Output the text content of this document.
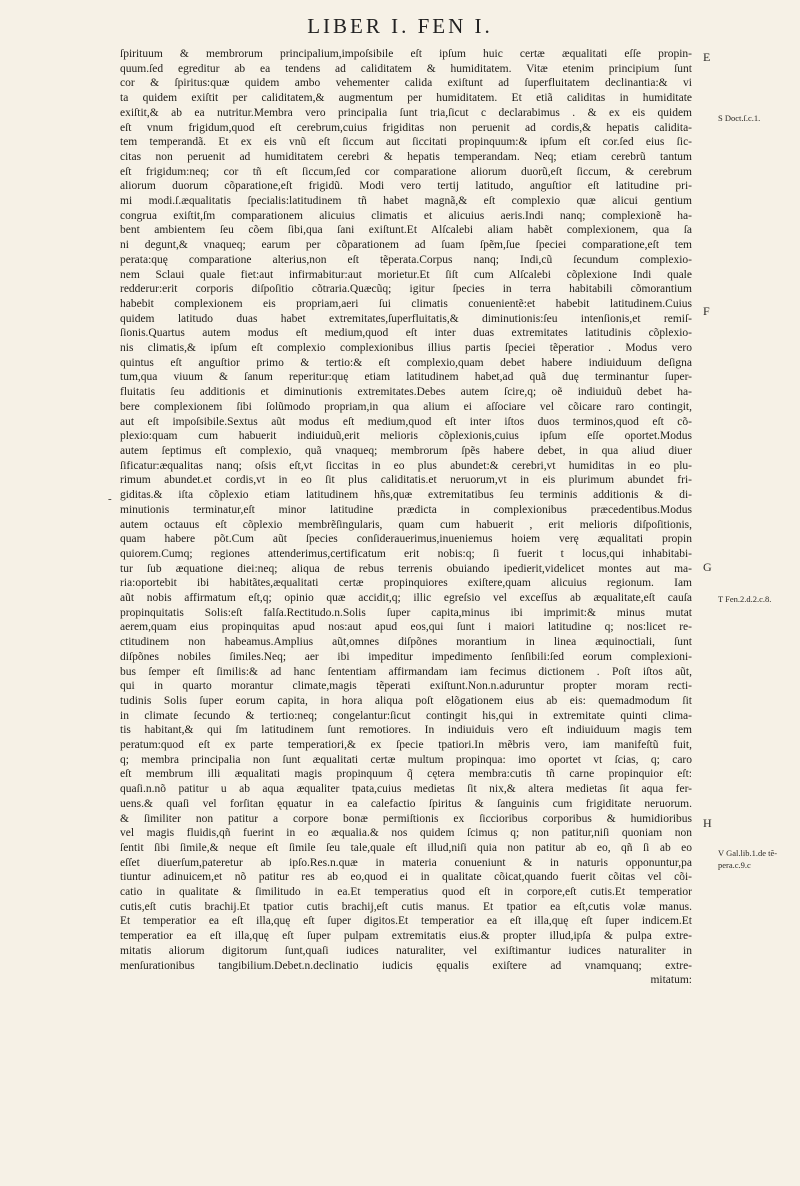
LIBER I. FEN I.
ſpirituum & membrorum principalium,impoſsibile eſt ipſum huic certæ æqualitati eſſe propin-
quum.ſed egreditur ab ea tendens ad caliditatem & humiditatem. Vitæ etenim principium ſunt
cor & ſpiritus:quæ quidem ambo vehementer calida exiſtunt ad ſuperfluitatem declinantia:& vi
ta quidem exiſtit per caliditatem,& augmentum per humiditatem. Et etiã caliditas in humiditate
exiſtit,& ab ea nutritur.Membra vero principalia ſunt tria,ſicut c declarabimus . & ex eis quidem
eſt vnum frigidum,quod eſt cerebrum,cuius frigiditas non peruenit ad cordis,& hepatis calidita-
tem temperandã. Et ex eis vnũ eſt ſiccum aut ſiccitati propinquum:& ipſum eſt cor.ſed eius ſic-
citas non peruenit ad humiditatem cerebri & hepatis temperandam. Neq; etiam cerebrũ tantum
eſt frigidum:neq; cor tñ eſt ſiccum,ſed cor comparatione aliorum duorũ,eſt ſiccum, & cerebrum
aliorum duorum cõparatione,eſt frigidũ. Modi vero tertij latitudo, anguſtior eſt latitudine pri-
mi modi.ſ.æqualitatis ſpecialis:latitudinem tñ habet magnã,& eſt complexio quæ alicui gentium
congrua exiſtit,ſm comparationem alicuius climatis et alicuius aeris.Indi nanq; complexionẽ ha-
bent ambientem ſeu cõem ſibi,qua ſani exiſtunt.Et Alſcalebi aliam habẽt complexionem, qua ſa
ni degunt,& vnaqueq; earum per cõparationem ad ſuam ſpẽm,ſue ſpeciei comparatione,eſt tem
perata:quę comparatione alterius,non eſt tẽperata.Corpus nanq; Indi,cũ ſecundum complexio-
nem Sclaui quale fiet:aut infirmabitur:aut morietur.Et ſiſt cum Alſcalebi cõplexione Indi quale
redderur:erit corporis diſpoſitio cõtraria.Quæcũq; igitur ſpecies in terra habitabili cõmorantium
habebit complexionem eis propriam,aeri ſui climatis conuenientẽ:et habebit latitudinem.Cuius
quidem latitudo duas habet extremitates,ſuperfluitatis,& diminutionis:ſeu intenſionis,et remiſ-
ſionis.Quartus autem modus eſt medium,quod eſt inter duas extremitates latitudinis cõplexio-
nis climatis,& ipſum eſt complexio complexionibus illius partis ſpeciei tẽperatior . Modus vero
quintus eſt anguſtior primo & tertio:& eſt complexio,quam debet habere indiuiduum deſigna
tum,qua viuum & ſanum reperitur:quę etiam latitudinem habet,ad quã duę terminantur ſuper-
fluitatis ſeu additionis et diminutionis extremitates.Debes autem ſcire,q; oẽ indiuiduũ debet ha-
bere complexionem ſibi ſolũmodo propriam,in qua alium ei aſſociare vel cõicare raro contingit,
aut eſt impoſsibile.Sextus aũt modus eſt medium,quod eſt inter iſtos duos terminos,quod eſt cõ-
plexio:quam cum habuerit indiuiduũ,erit melioris cõplexionis,cuius ipſum eſſe oportet.Modus
autem ſeptimus eſt complexio, quã vnaqueq; membrorum ſpẽs habere debet, in qua aliud diuer
ſificatur:æqualitas nanq; oſsis eſt,vt ſiccitas in eo plus abundet:& cerebri,vt humiditas in eo plu-
rimum abundet.et cordis,vt in eo ſit plus caliditatis.et neruorum,vt in eis plurimum abundet fri-
giditas.& iſta cõplexio etiam latitudinem hñs,quæ extremitatibus ſeu terminis additionis & di-
minutionis terminatur,eſt minor latitudine prædicta in complexionibus præcedentibus.Modus
autem octauus eſt cõplexio membrẽſingularis, quam cum habuerit , erit melioris diſpoſitionis,
quam habere põt.Cum aũt ſpecies conſiderauerimus,inueniemus hoiem verę æqualitati propin
quiorem.Cumq; regiones attenderimus,certificatum erit nobis:q; ſi fuerit t locus,qui inhabitabi-
tur ſub æquatione diei:neq; aliqua de rebus terrenis obuiando ipedierit,videlicet montes aut ma-
ria:oportebit ibi habitãtes,æqualitati certæ propinquiores exiſtere,quam alicuius regionum. Iam
aũt nobis affirmatum eſt,q; opinio quæ accidit,q; illic egreſsio vel exceſſus ab æqualitate,eſt cauſa
propinquitatis Solis:eſt falſa.Rectitudo.n.Solis ſuper capita,minus ibi imprimit:& minus mutat
aerem,quam eius propinquitas apud nos:aut apud eos,qui ſunt i maiori latitudine q; nos:licet re-
ctitudinem non habeamus.Amplius aũt,omnes diſpõnes morantium in linea æquinoctiali, ſunt
diſpõnes nobiles ſimiles.Neq; aer ibi impeditur impedimento ſenſibili:ſed eorum complexioni-
bus ſemper eſt ſimilis:& ad hanc ſententiam affirmandam iam fecimus dictionem . Poſt iſtos aũt,
qui in quarto morantur climate,magis tẽperati exiſtunt.Non.n.aduruntur propter moram recti-
tudinis Solis ſuper eorum capita, in hora aliqua poſt elõgationem eius ab eis: quemadmodum ſit
in climate ſecundo & tertio:neq; congelantur:ſicut contingit his,qui in extremitate quinti clima-
tis habitant,& qui ſm latitudinem ſunt remotiores. In indiuiduis vero eſt indiuiduum magis tem
peratum:quod eſt ex parte temperatiori,& ex ſpecie tpatiori.In mẽbris vero, iam manifeſtũ fuit,
q; membra principalia non ſunt æqualitati certæ multum propinqua: imo oportet vt ſcias, q; caro
eſt membrum illi æqualitati magis propinquum q̃ cętera membra:cutis tñ carne propinquior eſt:
quaſi.n.nõ patitur u ab aqua æqualiter tpata,cuius medietas ſit nix,& altera medietas ſit aqua fer-
uens.& quaſi vel forſitan ęquatur in ea calefactio ſpiritus & ſanguinis cum frigiditate neruorum.
& ſimiliter non patitur a corpore bonæ permiſtionis ex ſiccioribus corporibus & humidioribus
vel magis fluidis,qñ fuerint in eo æqualia.& nos quidem ſcimus q; non patitur,niſi quoniam non
ſentit ſibi ſimile,& neque eſt ſimile ſeu tale,quale eſt illud,niſi quia non patitur ab eo, qñ ſi ab eo
eſſet diuerſum,pateretur ab ipſo.Res.n.quæ in materia conueniunt & in naturis opponuntur,pa
tiuntur adinuicem,et nõ patitur res ab eo,quod ei in qualitate cõicat,quando fuerit cõitas vel cõi-
catio in qualitate & ſimilitudo in ea.Et temperatius quod eſt in corpore,eſt cutis.Et temperatior
cutis,eſt cutis brachij.Et tpatior cutis brachij,eſt cutis manus. Et tpatior ea eſt,cutis volæ manus.
Et temperatior ea eſt illa,quę eſt ſuper digitos.Et temperatior ea eſt illa,quę eſt ſuper indicem.Et
temperatior ea eſt illa,quę eſt ſuper pulpam extremitatis eius.& propter illud,ipſa & pulpa extre-
mitatis aliorum digitorum ſunt,quaſi iudices naturaliter, vel exiſtimantur iudices naturaliter in
menſurationibus tangibilium.Debet.n.declinatio iudicis ęqualis exiſtere ad vnamquanq; extre-
mitatum:
E
F
G
H
S Doct.ſ.c.1.
T Fen.2.d.2.c.8.
V Gal.lib.1.de tẽ-
pera.c.9.c
-
